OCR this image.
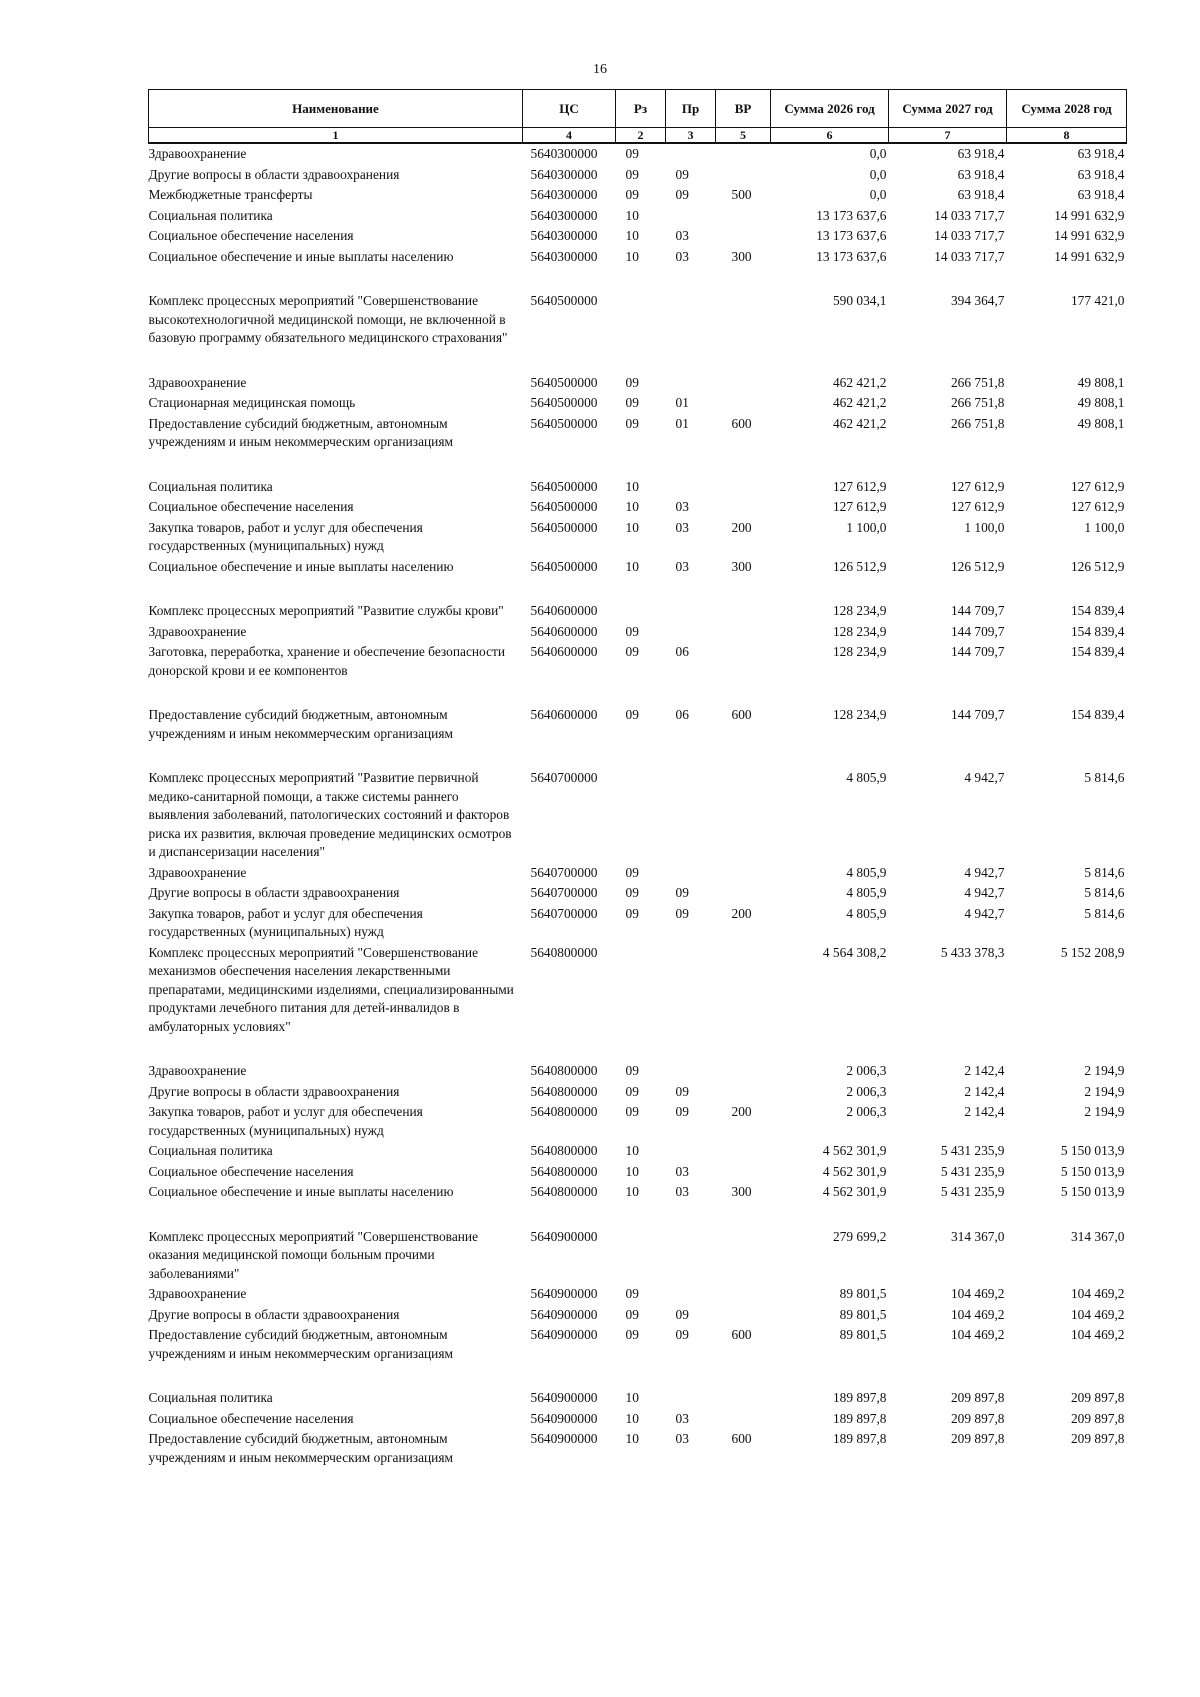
16
Наименование	ЦС	Рз	Пр	ВР	Сумма 2026 год	Сумма 2027 год	Сумма 2028 год
1	4	2	3	5	6	7	8
Здравоохранение	5640300000	09			0,0	63 918,4	63 918,4
Другие вопросы в области здравоохранения	5640300000	09	09		0,0	63 918,4	63 918,4
Межбюджетные трансферты	5640300000	09	09	500	0,0	63 918,4	63 918,4
Социальная политика	5640300000	10			13 173 637,6	14 033 717,7	14 991 632,9
Социальное обеспечение населения	5640300000	10	03		13 173 637,6	14 033 717,7	14 991 632,9
Социальное обеспечение и иные выплаты населению	5640300000	10	03	300	13 173 637,6	14 033 717,7	14 991 632,9

Комплекс процессных мероприятий "Совершенствование высокотехнологичной медицинской помощи, не включенной в базовую программу обязательного медицинского страхования"	5640500000				590 034,1	394 364,7	177 421,0

Здравоохранение	5640500000	09			462 421,2	266 751,8	49 808,1
Стационарная медицинская помощь	5640500000	09	01		462 421,2	266 751,8	49 808,1
Предоставление субсидий бюджетным, автономным учреждениям и иным некоммерческим организациям	5640500000	09	01	600	462 421,2	266 751,8	49 808,1

Социальная политика	5640500000	10			127 612,9	127 612,9	127 612,9
Социальное обеспечение населения	5640500000	10	03		127 612,9	127 612,9	127 612,9
Закупка товаров, работ и услуг для обеспечения государственных (муниципальных) нужд	5640500000	10	03	200	1 100,0	1 100,0	1 100,0
Социальное обеспечение и иные выплаты населению	5640500000	10	03	300	126 512,9	126 512,9	126 512,9

Комплекс процессных мероприятий "Развитие службы крови"	5640600000				128 234,9	144 709,7	154 839,4
Здравоохранение	5640600000	09			128 234,9	144 709,7	154 839,4
Заготовка, переработка, хранение и обеспечение безопасности донорской крови и ее компонентов	5640600000	09	06		128 234,9	144 709,7	154 839,4

Предоставление субсидий бюджетным, автономным учреждениям и иным некоммерческим организациям	5640600000	09	06	600	128 234,9	144 709,7	154 839,4

Комплекс процессных мероприятий "Развитие первичной медико-санитарной помощи, а также системы раннего выявления заболеваний, патологических состояний и факторов риска их развития, включая проведение медицинских осмотров и диспансеризации населения"	5640700000				4 805,9	4 942,7	5 814,6
Здравоохранение	5640700000	09			4 805,9	4 942,7	5 814,6
Другие вопросы в области здравоохранения	5640700000	09	09		4 805,9	4 942,7	5 814,6
Закупка товаров, работ и услуг для обеспечения государственных (муниципальных) нужд	5640700000	09	09	200	4 805,9	4 942,7	5 814,6
Комплекс процессных мероприятий "Совершенствование механизмов обеспечения населения лекарственными препаратами, медицинскими изделиями, специализированными продуктами лечебного питания для детей-инвалидов в амбулаторных условиях"	5640800000				4 564 308,2	5 433 378,3	5 152 208,9

Здравоохранение	5640800000	09			2 006,3	2 142,4	2 194,9
Другие вопросы в области здравоохранения	5640800000	09	09		2 006,3	2 142,4	2 194,9
Закупка товаров, работ и услуг для обеспечения государственных (муниципальных) нужд	5640800000	09	09	200	2 006,3	2 142,4	2 194,9
Социальная политика	5640800000	10			4 562 301,9	5 431 235,9	5 150 013,9
Социальное обеспечение населения	5640800000	10	03		4 562 301,9	5 431 235,9	5 150 013,9
Социальное обеспечение и иные выплаты населению	5640800000	10	03	300	4 562 301,9	5 431 235,9	5 150 013,9

Комплекс процессных мероприятий "Совершенствование оказания медицинской помощи больным прочими заболеваниями"	5640900000				279 699,2	314 367,0	314 367,0
Здравоохранение	5640900000	09			89 801,5	104 469,2	104 469,2
Другие вопросы в области здравоохранения	5640900000	09	09		89 801,5	104 469,2	104 469,2
Предоставление субсидий бюджетным, автономным учреждениям и иным некоммерческим организациям	5640900000	09	09	600	89 801,5	104 469,2	104 469,2

Социальная политика	5640900000	10			189 897,8	209 897,8	209 897,8
Социальное обеспечение населения	5640900000	10	03		189 897,8	209 897,8	209 897,8
Предоставление субсидий бюджетным, автономным учреждениям и иным некоммерческим организациям	5640900000	10	03	600	189 897,8	209 897,8	209 897,8
